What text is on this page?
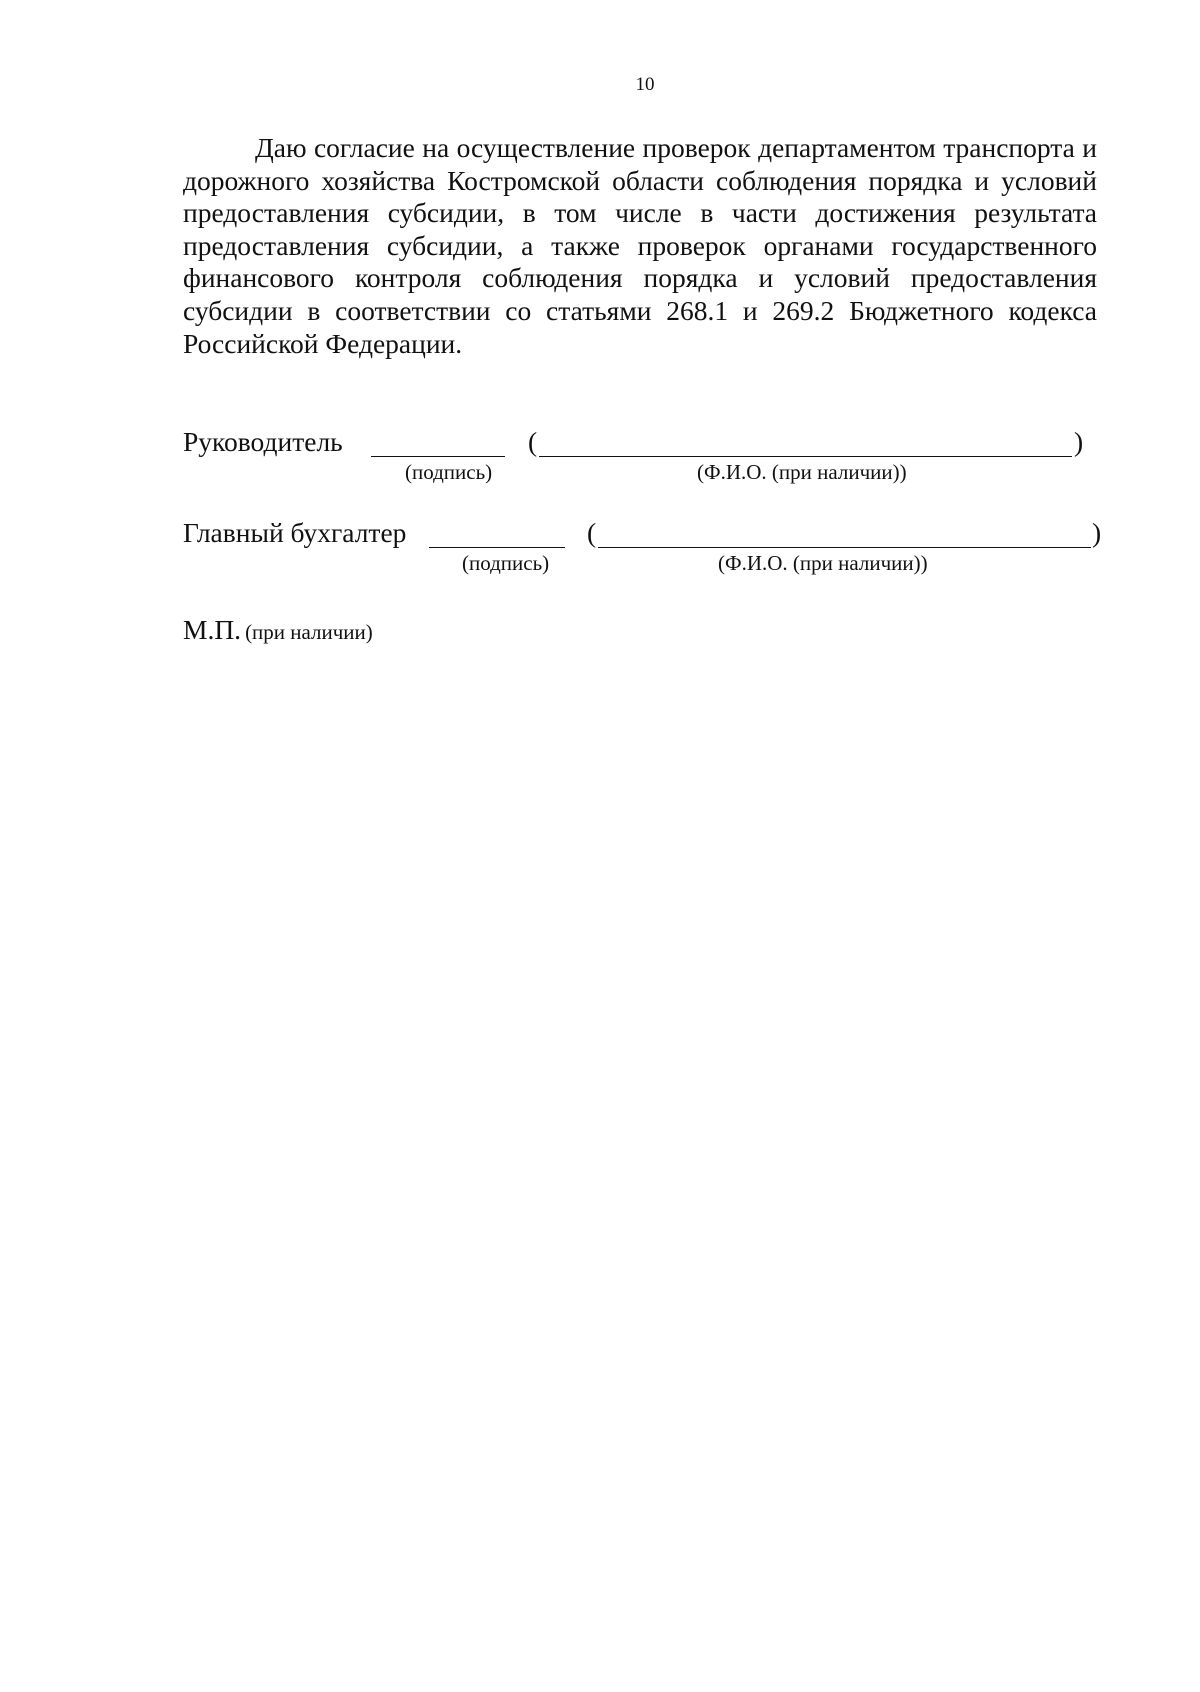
10

Даю согласие на осуществление проверок департаментом транспорта и дорожного хозяйства Костромской области соблюдения порядка и условий предоставления субсидии, в том числе в части достижения результата предоставления субсидии, а также проверок органами государственного финансового контроля соблюдения порядка и условий предоставления субсидии в соответствии со статьями 268.1 и 269.2 Бюджетного кодекса Российской Федерации.

Руководитель	(	)
(подпись)	(Ф.И.О. (при наличии))
Главный бухгалтер	(	)
(подпись)	(Ф.И.О. (при наличии))
М.П. (при наличии)
